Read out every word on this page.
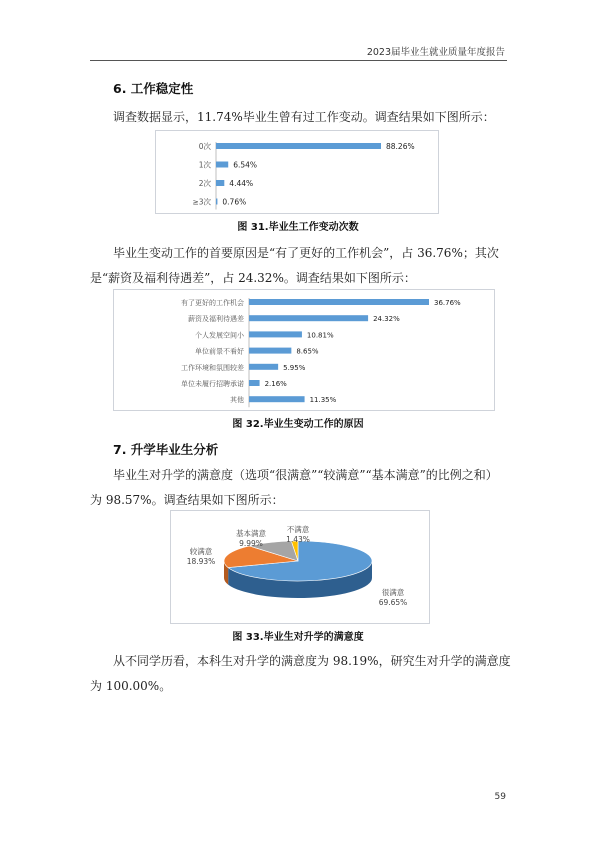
2023届毕业生就业质量年度报告
6. 工作稳定性
调查数据显示，11.74%毕业生曾有过工作变动。调查结果如下图所示：
0次	88.26%
1次	6.54%
2次 4.44%
≥3次 0.76%
图 31.毕业生工作变动次数
毕业生变动工作的首要原因是“有了更好的工作机会”，占 36.76%；其次
是“薪资及福利待遇差”，占 24.32%。调查结果如下图所示：
有了更好的工作机会	36.76%
薪资及福利待遇差	24.32%
个人发展空间小	10.81%
单位前景不看好	8.65%
工作环境和氛围较差	5.95%
单位未履行招聘承诺	2.16%
其他	11.35%
图 32.毕业生变动工作的原因
7. 升学毕业生分析
毕业生对升学的满意度（选项“很满意”“较满意”“基本满意”的比例之和）
为 98.57%。调查结果如下图所示：
很满意
69.65%
较满意
18.93%
基本满意
9.99%
不满意
1.43%
图 33.毕业生对升学的满意度
从不同学历看，本科生对升学的满意度为 98.19%，研究生对升学的满意度
为 100.00%。
59
